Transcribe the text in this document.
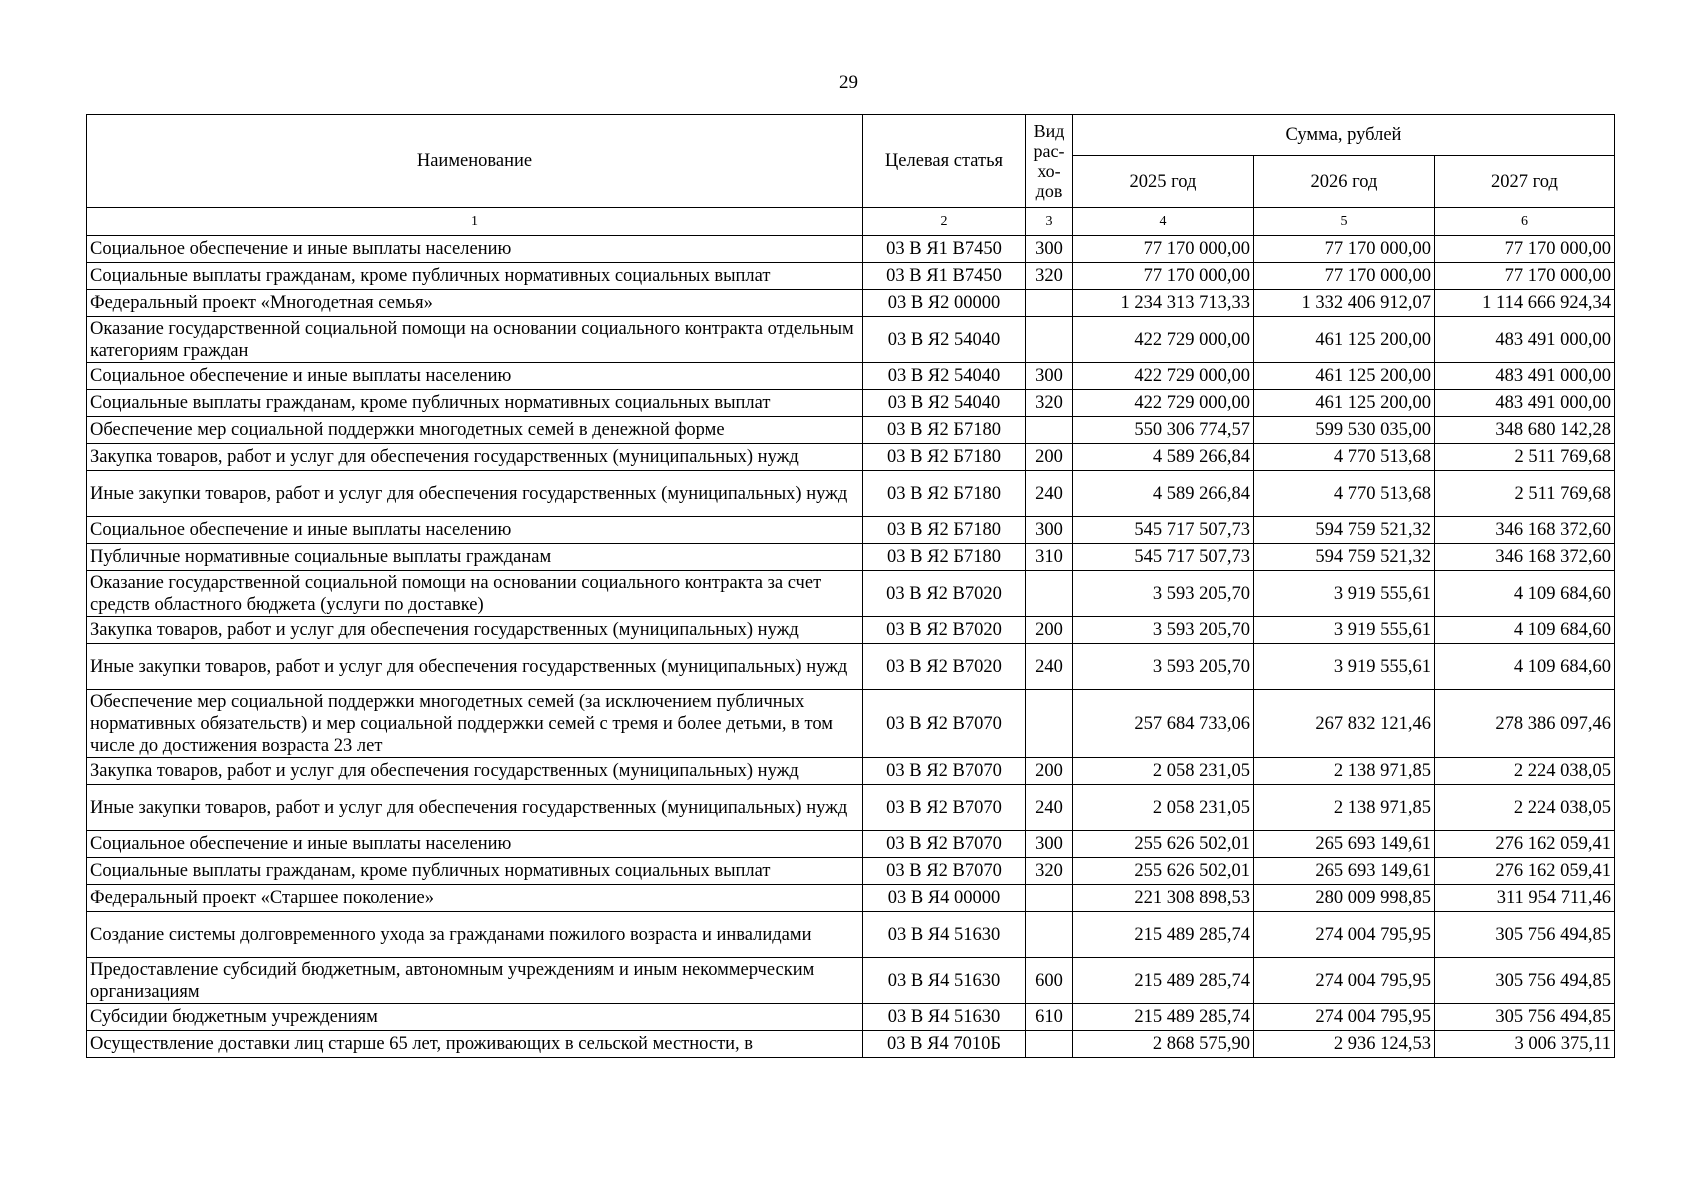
29
Наименование	Целевая статья	Вид рас-хо-дов	Сумма, рублей		
			2025 год	2026 год	2027 год
1	2	3	4	5	6
Социальное обеспечение и иные выплаты населению	03 В Я1 В7450	300	77 170 000,00	77 170 000,00	77 170 000,00
Социальные выплаты гражданам, кроме публичных нормативных социальных выплат	03 В Я1 В7450	320	77 170 000,00	77 170 000,00	77 170 000,00
Федеральный проект «Многодетная семья»	03 В Я2 00000		1 234 313 713,33	1 332 406 912,07	1 114 666 924,34
Оказание государственной социальной помощи на основании социального контракта отдельным категориям граждан	03 В Я2 54040		422 729 000,00	461 125 200,00	483 491 000,00
Социальное обеспечение и иные выплаты населению	03 В Я2 54040	300	422 729 000,00	461 125 200,00	483 491 000,00
Социальные выплаты гражданам, кроме публичных нормативных социальных выплат	03 В Я2 54040	320	422 729 000,00	461 125 200,00	483 491 000,00
Обеспечение мер социальной поддержки многодетных семей в денежной форме	03 В Я2 Б7180		550 306 774,57	599 530 035,00	348 680 142,28
Закупка товаров, работ и услуг для обеспечения государственных (муниципальных) нужд	03 В Я2 Б7180	200	4 589 266,84	4 770 513,68	2 511 769,68
Иные закупки товаров, работ и услуг для обеспечения государственных (муниципальных) нужд	03 В Я2 Б7180	240	4 589 266,84	4 770 513,68	2 511 769,68
Социальное обеспечение и иные выплаты населению	03 В Я2 Б7180	300	545 717 507,73	594 759 521,32	346 168 372,60
Публичные нормативные социальные выплаты гражданам	03 В Я2 Б7180	310	545 717 507,73	594 759 521,32	346 168 372,60
Оказание государственной социальной помощи на основании социального контракта за счет средств областного бюджета (услуги по доставке)	03 В Я2 В7020		3 593 205,70	3 919 555,61	4 109 684,60
Закупка товаров, работ и услуг для обеспечения государственных (муниципальных) нужд	03 В Я2 В7020	200	3 593 205,70	3 919 555,61	4 109 684,60
Иные закупки товаров, работ и услуг для обеспечения государственных (муниципальных) нужд	03 В Я2 В7020	240	3 593 205,70	3 919 555,61	4 109 684,60
Обеспечение мер социальной поддержки многодетных семей (за исключением публичных нормативных обязательств) и мер социальной поддержки семей с тремя и более детьми, в том числе до достижения возраста 23 лет	03 В Я2 В7070		257 684 733,06	267 832 121,46	278 386 097,46
Закупка товаров, работ и услуг для обеспечения государственных (муниципальных) нужд	03 В Я2 В7070	200	2 058 231,05	2 138 971,85	2 224 038,05
Иные закупки товаров, работ и услуг для обеспечения государственных (муниципальных) нужд	03 В Я2 В7070	240	2 058 231,05	2 138 971,85	2 224 038,05
Социальное обеспечение и иные выплаты населению	03 В Я2 В7070	300	255 626 502,01	265 693 149,61	276 162 059,41
Социальные выплаты гражданам, кроме публичных нормативных социальных выплат	03 В Я2 В7070	320	255 626 502,01	265 693 149,61	276 162 059,41
Федеральный проект «Старшее поколение»	03 В Я4 00000		221 308 898,53	280 009 998,85	311 954 711,46
Создание системы долговременного ухода за гражданами пожилого возраста и инвалидами	03 В Я4 51630		215 489 285,74	274 004 795,95	305 756 494,85
Предоставление субсидий бюджетным, автономным учреждениям и иным некоммерческим организациям	03 В Я4 51630	600	215 489 285,74	274 004 795,95	305 756 494,85
Субсидии бюджетным учреждениям	03 В Я4 51630	610	215 489 285,74	274 004 795,95	305 756 494,85
Осуществление доставки лиц старше 65 лет, проживающих в сельской местности, в	03 В Я4 7010Б		2 868 575,90	2 936 124,53	3 006 375,11
